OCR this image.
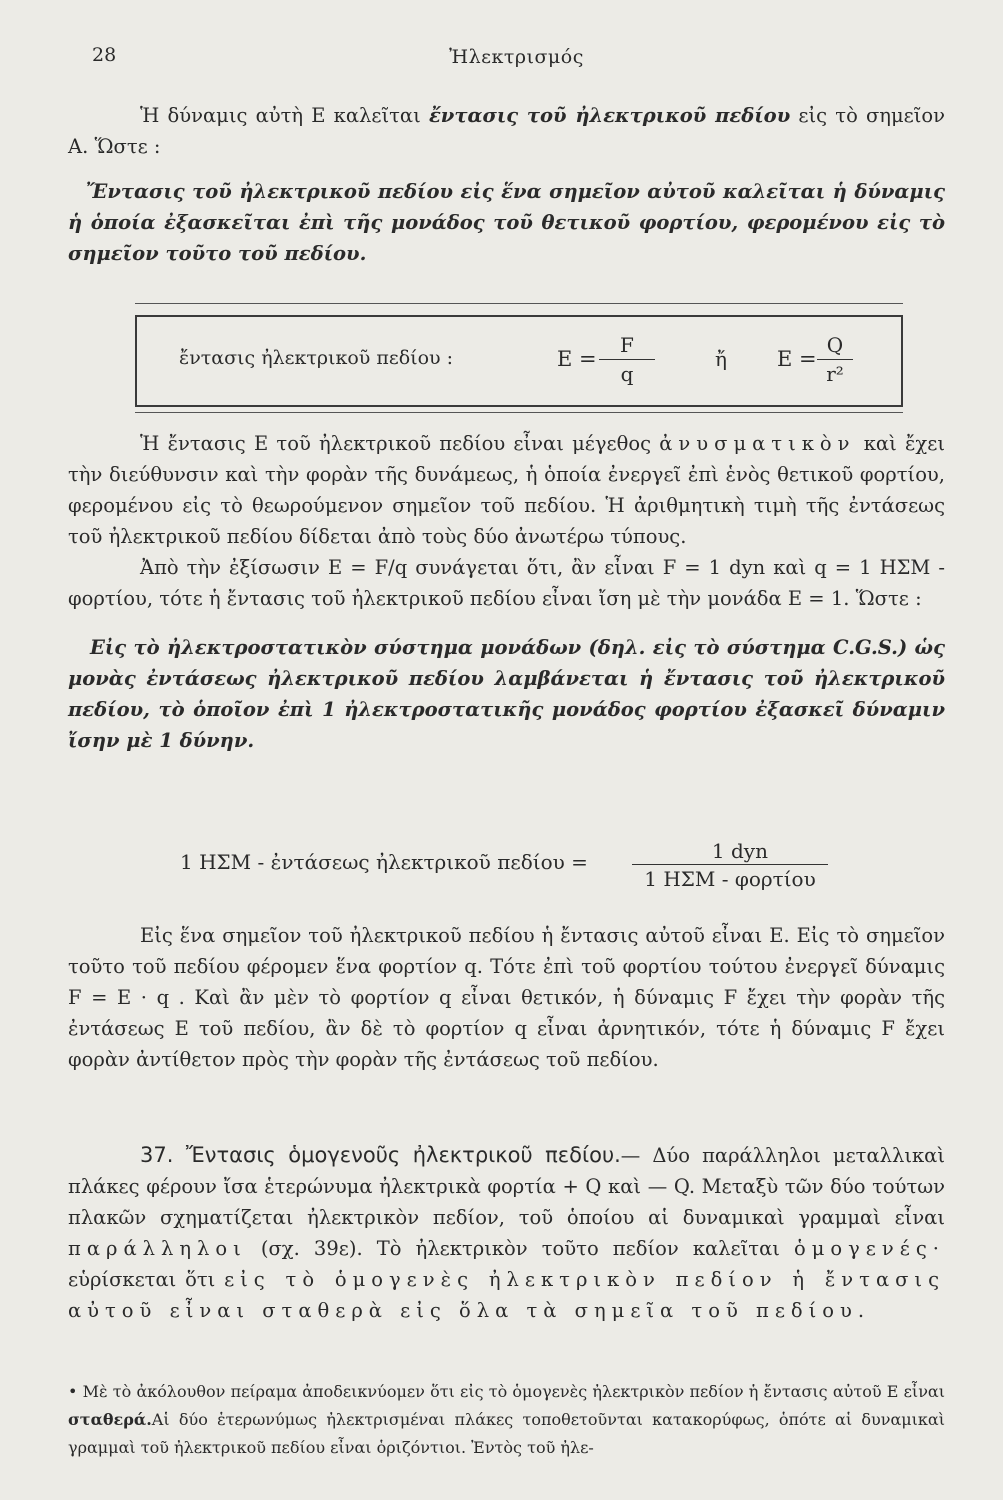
28	Ἠλεκτρισμός

Ἡ δύναμις αὐτὴ Ε καλεῖται ἔντασις τοῦ ἠλεκτρικοῦ πεδίου εἰς τὸ σημεῖον Α. Ὥστε :

Ἔντασις τοῦ ἠλεκτρικοῦ πεδίου εἰς ἕνα σημεῖον αὐτοῦ καλεῖται ἡ δύναμις ἡ ὁποία ἐξασκεῖται ἐπὶ τῆς μονάδος τοῦ θετικοῦ φορτίου, φερομένου εἰς τὸ σημεῖον τοῦτο τοῦ πεδίου.

ἔντασις ἠλεκτρικοῦ πεδίου :	E =
F
q
ἤ E =
Q
r²

Ἡ ἔντασις Ε τοῦ ἠλεκτρικοῦ πεδίου εἶναι μέγεθος ἀνυσματικὸν καὶ ἔχει τὴν διεύθυνσιν καὶ τὴν φορὰν τῆς δυνάμεως, ἡ ὁποία ἐνεργεῖ ἐπὶ ἑνὸς θετικοῦ φορτίου, φερομένου εἰς τὸ θεωρούμενον σημεῖον τοῦ πεδίου. Ἡ ἀριθμητικὴ τιμὴ τῆς ἐντάσεως τοῦ ἠλεκτρικοῦ πεδίου δίδεται ἀπὸ τοὺς δύο ἀνωτέρω τύπους.

Ἀπὸ τὴν ἐξίσωσιν Ε = F/q συνάγεται ὅτι, ἂν εἶναι F = 1 dyn καὶ q = 1 ΗΣΜ - φορτίου, τότε ἡ ἔντασις τοῦ ἠλεκτρικοῦ πεδίου εἶναι ἴση μὲ τὴν μονάδα Ε = 1. Ὥστε :

Εἰς τὸ ἠλεκτροστατικὸν σύστημα μονάδων (δηλ. εἰς τὸ σύστημα C.G.S.) ὡς μονὰς ἐντάσεως ἠλεκτρικοῦ πεδίου λαμβάνεται ἡ ἔντασις τοῦ ἠλεκτρικοῦ πεδίου, τὸ ὁποῖον ἐπὶ 1 ἠλεκτροστατικῆς μονάδος φορτίου ἐξασκεῖ δύναμιν ἴσην μὲ 1 δύνην.

1 ΗΣΜ - ἐντάσεως ἠλεκτρικοῦ πεδίου =	1 dyn
1 ΗΣΜ - φορτίου

Εἰς ἕνα σημεῖον τοῦ ἠλεκτρικοῦ πεδίου ἡ ἔντασις αὐτοῦ εἶναι Ε. Εἰς τὸ σημεῖον τοῦτο τοῦ πεδίου φέρομεν ἕνα φορτίον q. Τότε ἐπὶ τοῦ φορτίου τούτου ἐνεργεῖ δύναμις F = E · q . Καὶ ἂν μὲν τὸ φορτίον q εἶναι θετικόν, ἡ δύναμις F ἔχει τὴν φορὰν τῆς ἐντάσεως Ε τοῦ πεδίου, ἂν δὲ τὸ φορτίον q εἶναι ἀρνητικόν, τότε ἡ δύναμις F ἔχει φορὰν ἀντίθετον πρὸς τὴν φορὰν τῆς ἐντάσεως τοῦ πεδίου.

37. Ἔντασις ὁμογενοῦς ἠλεκτρικοῦ πεδίου.— Δύο παράλληλοι μεταλλικαὶ πλάκες φέρουν ἴσα ἑτερώνυμα ἠλεκτρικὰ φορτία + Q καὶ — Q. Μεταξὺ τῶν δύο τούτων πλακῶν σχηματίζεται ἠλεκτρικὸν πεδίον, τοῦ ὁποίου αἱ δυναμικαὶ γραμμαὶ εἶναι παράλληλοι (σχ. 39ε). Τὸ ἠλεκτρικὸν τοῦτο πεδίον καλεῖται ὁμογενές· εὑρίσκεται ὅτι εἰς τὸ ὁμογενὲς ἠλεκτρικὸν πεδίον ἡ ἔντασις αὐτοῦ εἶναι σταθερὰ εἰς ὅλα τὰ σημεῖα τοῦ πεδίου.

• Μὲ τὸ ἀκόλουθον πείραμα ἀποδεικνύομεν ὅτι εἰς τὸ ὁμογενὲς ἠλεκτρικὸν πεδίον ἡ ἔντασις αὐτοῦ Ε εἶναι σταθερά.Αἱ δύο ἑτερωνύμως ἠλεκτρισμέναι πλάκες τοποθετοῦνται κατακορύφως, ὁπότε αἱ δυναμικαὶ γραμμαὶ τοῦ ἠλεκτρικοῦ πεδίου εἶναι ὁριζόντιοι. Ἐντὸς τοῦ ἠλε-
